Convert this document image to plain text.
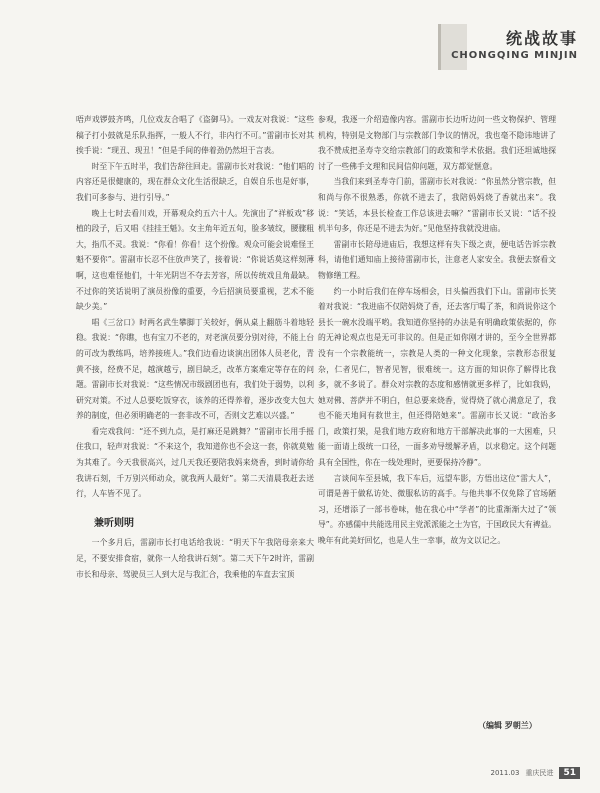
统战故事
CHONGQING MINJIN

唔声戏锣鼓齐鸣，几位戏友合唱了《盗御马》。一戏友对我说：“这些稿子打小鼓就是乐队指挥，一般人不行，非内行不可。”雷副市长对其挨手说：“现丑、现丑！”但是手间的俸着劲仍然坦于言表。

时至下午五时半，我们告辞往回走。雷副市长对我说：“他们唱的内容还是很健康的，现在群众文化生活很缺乏，自娱自乐也是好事，我们可多参与、进行引导。”

晚上七时去看川戏，开幕观众约五六十人。先演出了“祥板戏”移植的段子，后又唱《挂挂王魁》。女主角年近五旬，脸多皱纹，腰骤粗大，指爪不灵。我说：“你看！你看！这个扮像。观众可能会说难怪王魁不要你”。雷副市长忍不住放声笑了，接着说：“你说话莫这样刻薄啊，这也难怪他们，十年光阴岂不夺去芳容，所以传统戏且角最缺。不过你的笑话说明了演员扮像的重要，今后招演员要重视，艺术不能缺少美。”

唱《三岔口》时两名武生攀脚丁关较好，俩从桌上翻筋斗着地轻稳。我说：“你瞧，也有宝刀不老的，对老演员要分别对待，不能上台的可改为教练吗，培养接班人。”我们边看边谈演出团体人员老化，青黄不接，经费不足，越演越亏，剧目缺乏，改革方案难定等存在的问题。雷副市长对我说：“这些情况市级剧团也有，我们处于弱势，以利研究对策。不过人总要吃饭穿衣，该养的还得养着，逐步改变大包大养的制度，但必须明确老的一套非改不可，否则文艺难以兴盛。”

看完戏我问：“还不到九点，是打麻还是跳舞？”雷副市长用手摇住我口，轻声对我说：“不来这个，我知道你也不会这一套，你就莫勉为其难了。今天我很高兴，过几天我还要陪我妈来烧香，到时请你给我讲石刻，千万别兴师动众，就我两人最好”。第二天清晨我赶去送行，人车皆不见了。

兼听则明

一个多月后，雷副市长打电话给我说：“明天下午我陪母亲来大足，不要安排食宿，就你一人给我讲石刻”。第二天下午2时许，雷副市长和母亲、驾驶员三人到大足与我汇合，我乘他的车直去宝顶

参观，我逐一介绍造像内容。雷副市长边听边问一些文物保护、管理机构，特别是文物部门与宗教部门争议的情况，我也毫不隐讳地讲了我不赞成把圣寿寺交给宗教部门的政策和学术依据。我们还坦诚地探讨了一些佛手文理和民间信仰问题，双方都觉惬意。

当我们来到圣寿寺门前，雷副市长对我说：“你虽然分管宗教，但和尚与你不很熟悉，你就不进去了，我陪妈妈烧了香就出来”。我说：“笑话，本县长检查工作总该进去嘛？”雷副市长又说：“话不投机半句多，你还是不进去为好。”见他坚持我就没进庙。

雷副市长陪母进庙后，我想这样有失下级之责，便电话告诉宗教科，请他们通知庙上接待雷副市长，注意老人家安全。我便去察看文物修缮工程。

约一小时后我们在停车场相会，日头偏西我们下山。雷副市长笑着对我说：“我进庙不仅陪妈烧了香，还去客厅喝了茶，和尚说你这个县长一碗水没端平哟。我知道你坚持的办法是有明确政策依据的，你的无神论观点也是无可非议的。但是正如你刚才讲的，至今全世界都没有一个宗教能统一，宗教是人类的一种文化现象，宗教形态很复杂，仁者见仁，智者见智，很难统一。这方面的知识你了解得比我多，就不多说了。群众对宗教的态度和感情就更多样了，比如我妈，她对佛、菩萨并不明白，但总要来烧香，觉得烧了就心满意足了，我也不能天地间有救世主，但还得陪她来”。雷副市长又说：“政治多门，政策打架，是我们地方政府和地方干部解决此事的一大困难，只能一面请上级统一口径，一面多劝导缓解矛盾，以求稳定。这个问题具有全国性，你在一线处理时，更要保持冷静”。

言谈间车至县城，我下车后，远望车影，方悟出这位“雷大人”，可谓是善于做私访处、微服私访的高手。与他共事不仅免除了官场陋习，还增添了一部书卷味，他在我心中“学者”的比重渐渐大过了“领导”。亦感儒中共能选用民主党派派能之士为官，于国政民大有裨益。晚年有此美好回忆，也是人生一幸事，故为文以记之。

（编辑 罗朝兰）
2011.03 重庆民进	51
